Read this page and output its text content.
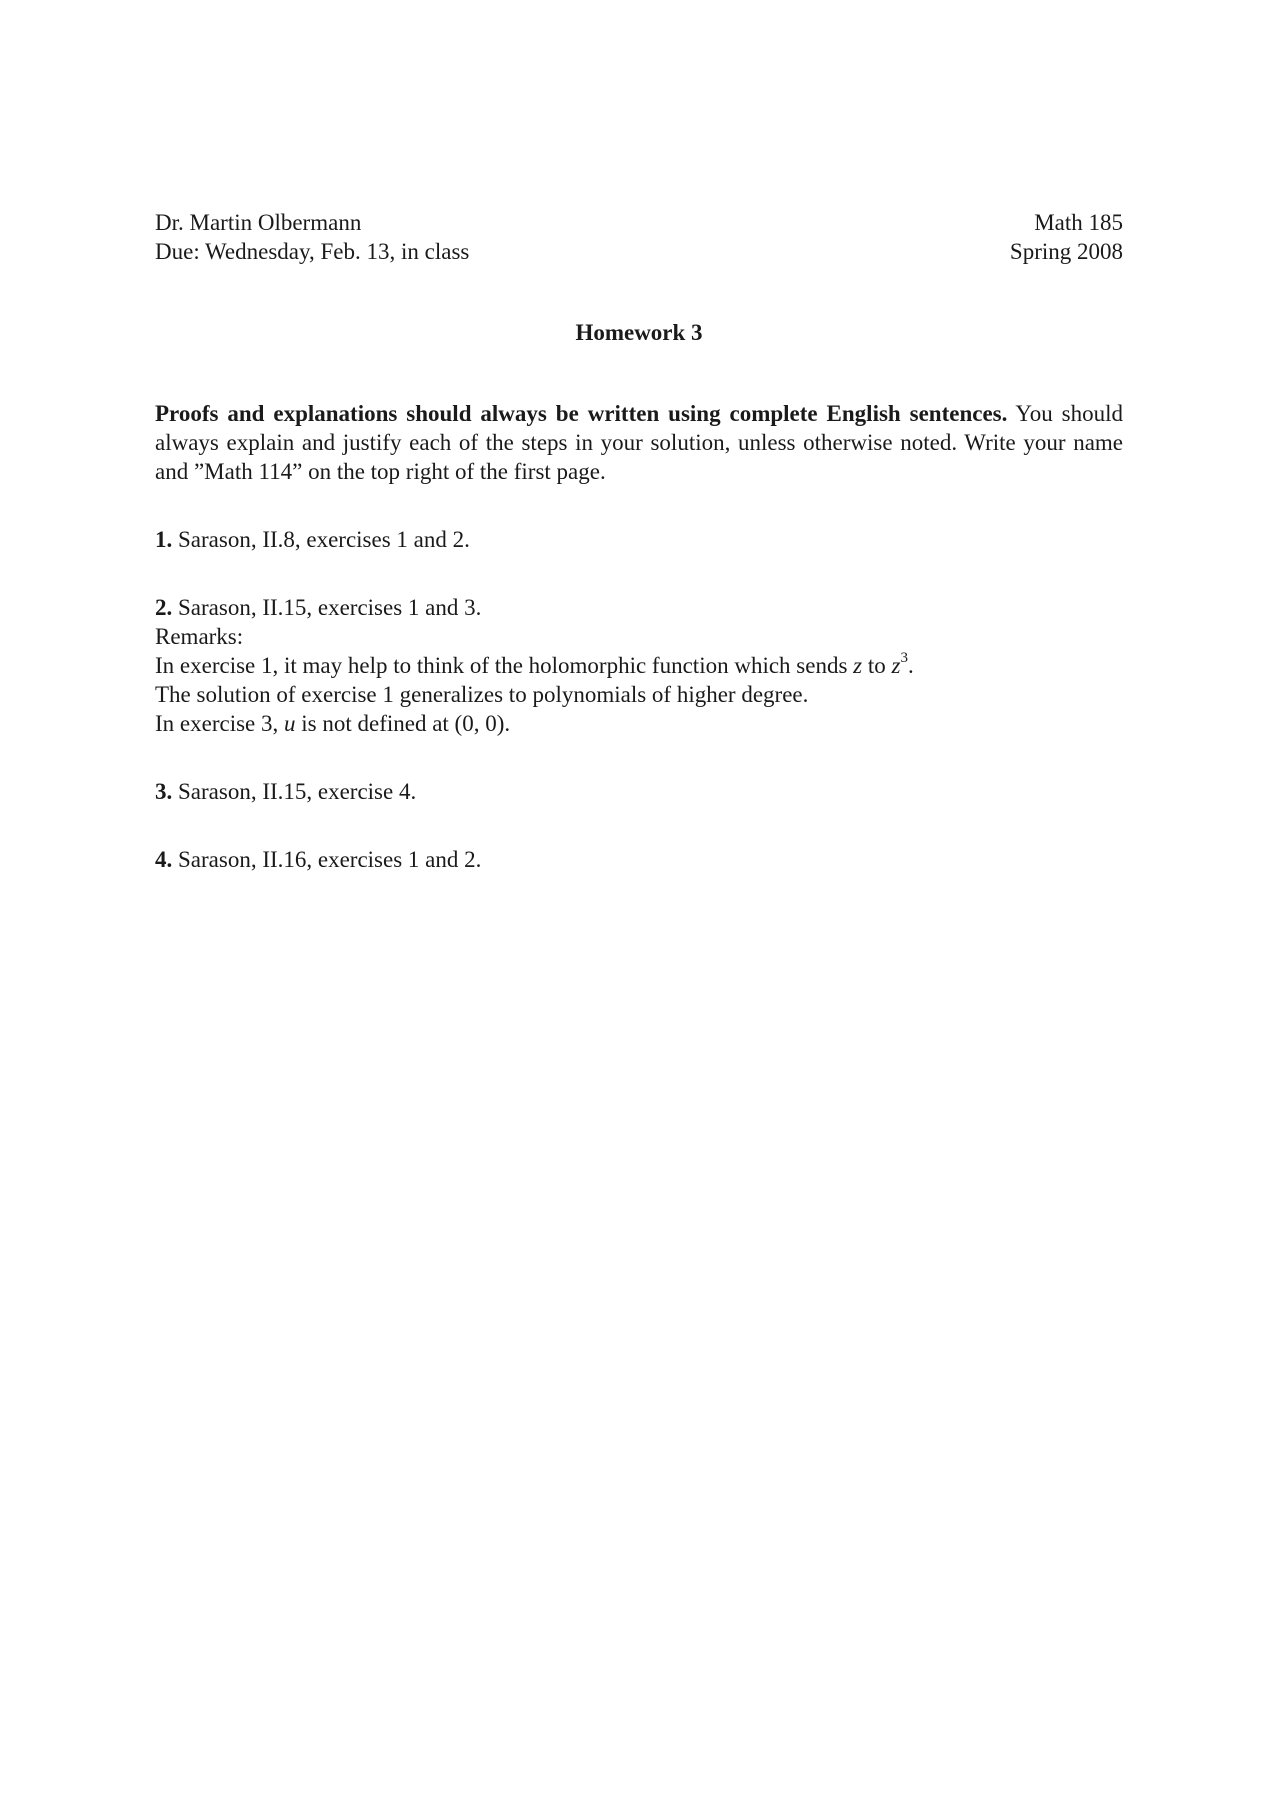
Dr. Martin Olbermann
Due: Wednesday, Feb. 13, in class
Math 185
Spring 2008
Homework 3
Proofs and explanations should always be written using complete English sentences. You should always explain and justify each of the steps in your solution, unless otherwise noted. Write your name and ”Math 114” on the top right of the first page.
1. Sarason, II.8, exercises 1 and 2.
2. Sarason, II.15, exercises 1 and 3.
Remarks:
In exercise 1, it may help to think of the holomorphic function which sends z to $z^3$.
The solution of exercise 1 generalizes to polynomials of higher degree.
In exercise 3, u is not defined at (0, 0).
3. Sarason, II.15, exercise 4.
4. Sarason, II.16, exercises 1 and 2.
